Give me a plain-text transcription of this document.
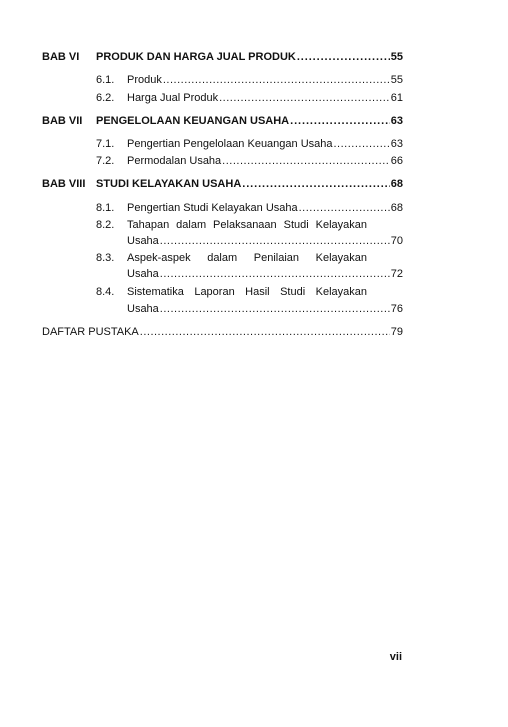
BAB VI PRODUK DAN HARGA JUAL PRODUK .....	55
6.1. Produk .....	55
6.2. Harga Jual Produk .....	61
BAB VII PENGELOLAAN KEUANGAN USAHA .....	63
7.1. Pengertian Pengelolaan Keuangan Usaha .....	63
7.2. Permodalan Usaha .....	66
BAB VIII STUDI KELAYAKAN USAHA .....	68
8.1. Pengertian Studi Kelayakan Usaha .....	68
8.2. Tahapan dalam Pelaksanaan Studi Kelayakan
Usaha .....	70
8.3. Aspek-aspek dalam Penilaian Kelayakan
Usaha .....	72
8.4. Sistematika Laporan Hasil Studi Kelayakan
Usaha .....	76
DAFTAR PUSTAKA .....	79
vii
